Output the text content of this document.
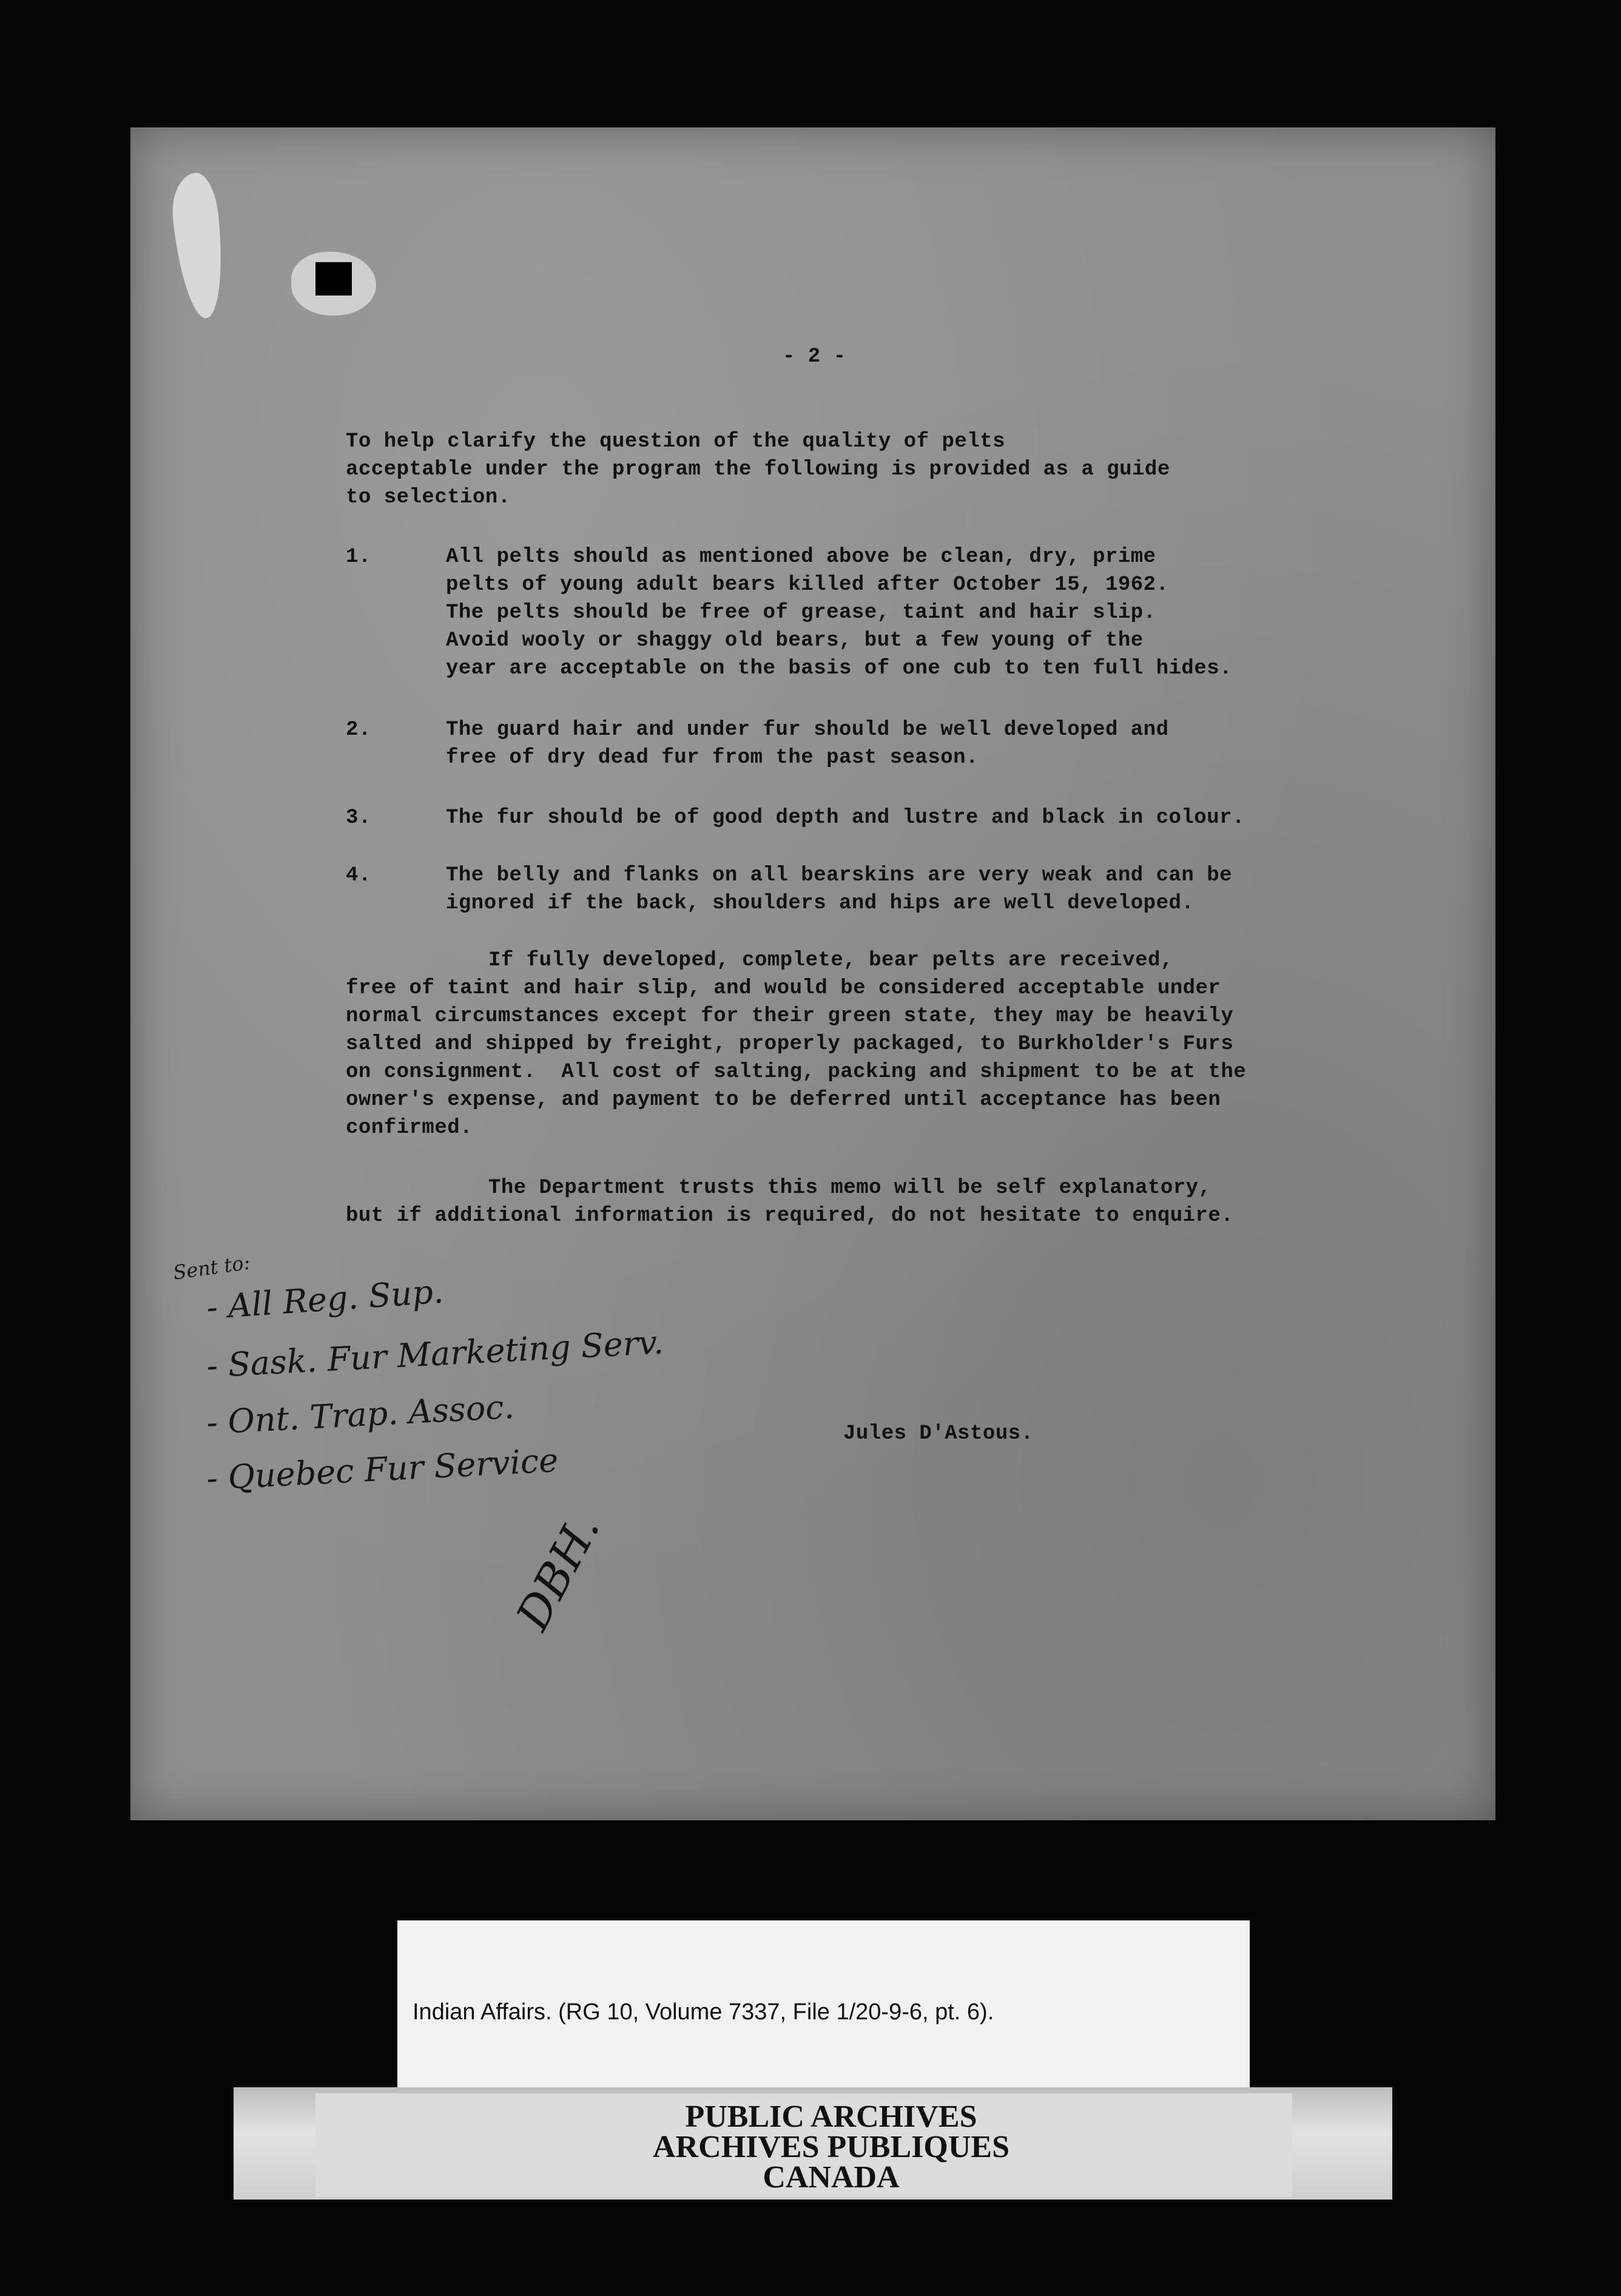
- 2 -
To help clarify the question of the quality of pelts
acceptable under the program the following is provided as a guide
to selection.
1.	All pelts should as mentioned above be clean, dry, prime
pelts of young adult bears killed after October 15, 1962.
The pelts should be free of grease, taint and hair slip.
Avoid wooly or shaggy old bears, but a few young of the
year are acceptable on the basis of one cub to ten full hides.
2.	The guard hair and under fur should be well developed and
free of dry dead fur from the past season.
3.	The fur should be of good depth and lustre and black in colour.
4.	The belly and flanks on all bearskins are very weak and can be
ignored if the back, shoulders and hips are well developed.
If fully developed, complete, bear pelts are received,
free of taint and hair slip, and would be considered acceptable under
normal circumstances except for their green state, they may be heavily
salted and shipped by freight, properly packaged, to Burkholder's Furs
on consignment.  All cost of salting, packing and shipment to be at the
owner's expense, and payment to be deferred until acceptance has been
confirmed.
The Department trusts this memo will be self explanatory,
but if additional information is required, do not hesitate to enquire.
Sent to:
- All Reg. Sup.
- Sask. Fur Marketing Serv.
- Ont. Trap. Assoc.
- Quebec Fur Service
Jules D'Astous.
DBH.
Indian Affairs. (RG 10, Volume 7337, File 1/20-9-6, pt. 6).
PUBLIC ARCHIVES
ARCHIVES PUBLIQUES
CANADA
